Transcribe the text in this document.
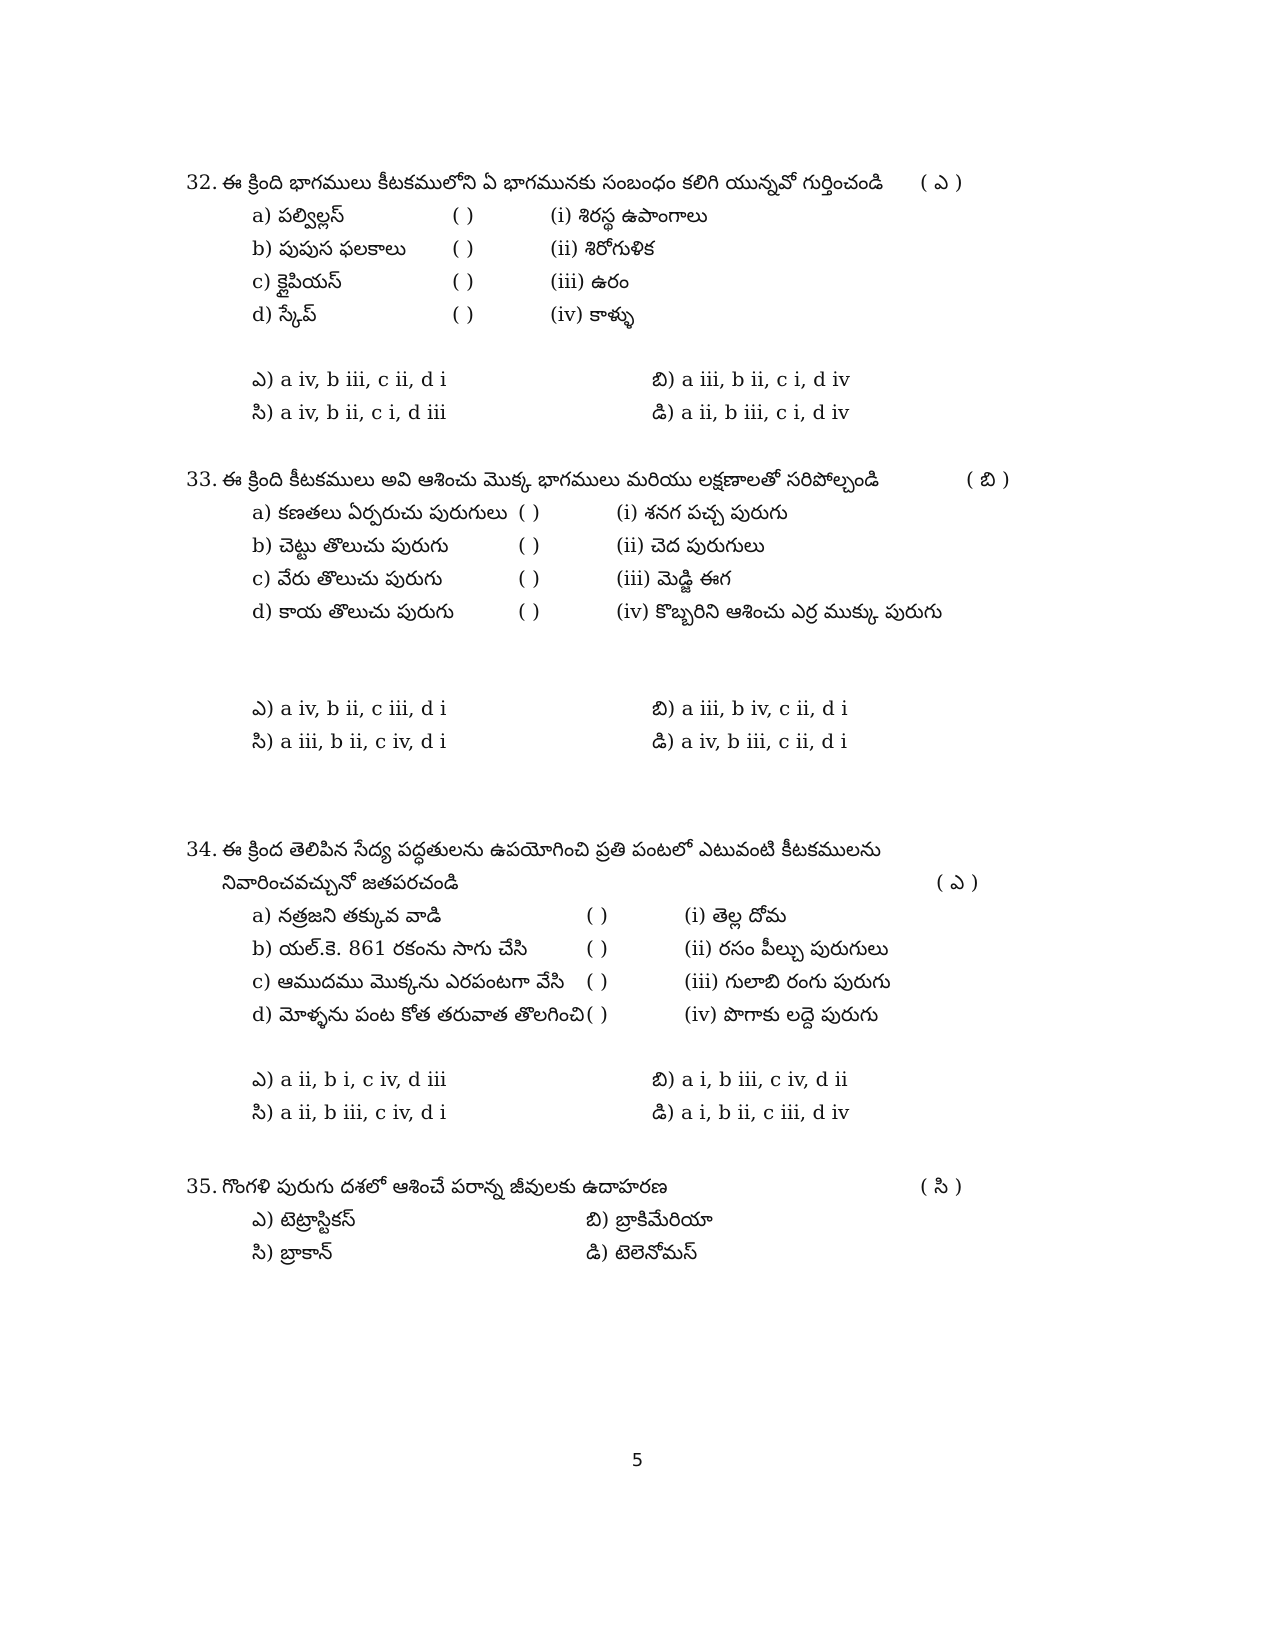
32. ఈ క్రింది భాగములు కీటకములోని ఏ భాగమునకు సంబంధం కలిగి యున్నవో గుర్తించండి ( ఎ )
a) పల్విల్లస్	( )	(i) శిరస్థ ఉపాంగాలు
b) పుపుస ఫలకాలు ( )	(ii) శిరోగుళిక
c) క్లైపియస్	( )	(iii) ఉరం
d) స్కేప్	( )	(iv) కాళ్ళు
ఎ) a iv, b iii, c ii, d i	బి) a iii, b ii, c i, d iv
సి) a iv, b ii, c i, d iii	డి) a ii, b iii, c i, d iv
33. ఈ క్రింది కీటకములు అవి ఆశించు మొక్క భాగములు మరియు లక్షణాలతో సరిపోల్చండి	( బి )
a) కణతలు ఏర్పరుచు పురుగులు ( )	(i) శనగ పచ్చ పురుగు
b) చెట్టు తొలుచు పురుగు	( )	(ii) చెద పురుగులు
c) వేరు తొలుచు పురుగు	( )	(iii) మెడ్జి ఈగ
d) కాయ తొలుచు పురుగు	( )	(iv) కొబ్బరిని ఆశించు ఎర్ర ముక్కు పురుగు
ఎ) a iv, b ii, c iii, d i	బి) a iii, b iv, c ii, d i
సి) a iii, b ii, c iv, d i	డి) a iv, b iii, c ii, d i
34. ఈ క్రింద తెలిపిన సేద్య పద్ధతులను ఉపయోగించి ప్రతి పంటలో ఎటువంటి కీటకములను
నివారించవచ్చునో జతపరచండి	( ఎ )
a) నత్రజని తక్కువ వాడి	( )	(i) తెల్ల దోమ
b) యల్.కె. 861 రకంను సాగు చేసి	( )	(ii) రసం పీల్చు పురుగులు
c) ఆముదము మొక్కను ఎరపంటగా వేసి ( )	(iii) గులాబి రంగు పురుగు
d) మోళ్ళను పంట కోత తరువాత తొలగించి ( )	(iv) పొగాకు లద్దె పురుగు
ఎ) a ii, b i, c iv, d iii	బి) a i, b iii, c iv, d ii
సి) a ii, b iii, c iv, d i	డి) a i, b ii, c iii, d iv
35. గొంగళి పురుగు దశలో ఆశించే పరాన్న జీవులకు ఉదాహరణ	( సి )
ఎ) టెట్రాస్టికస్	బి) బ్రాకిమేరియా
సి) బ్రాకాన్	డి) టెలెనోమస్
5
